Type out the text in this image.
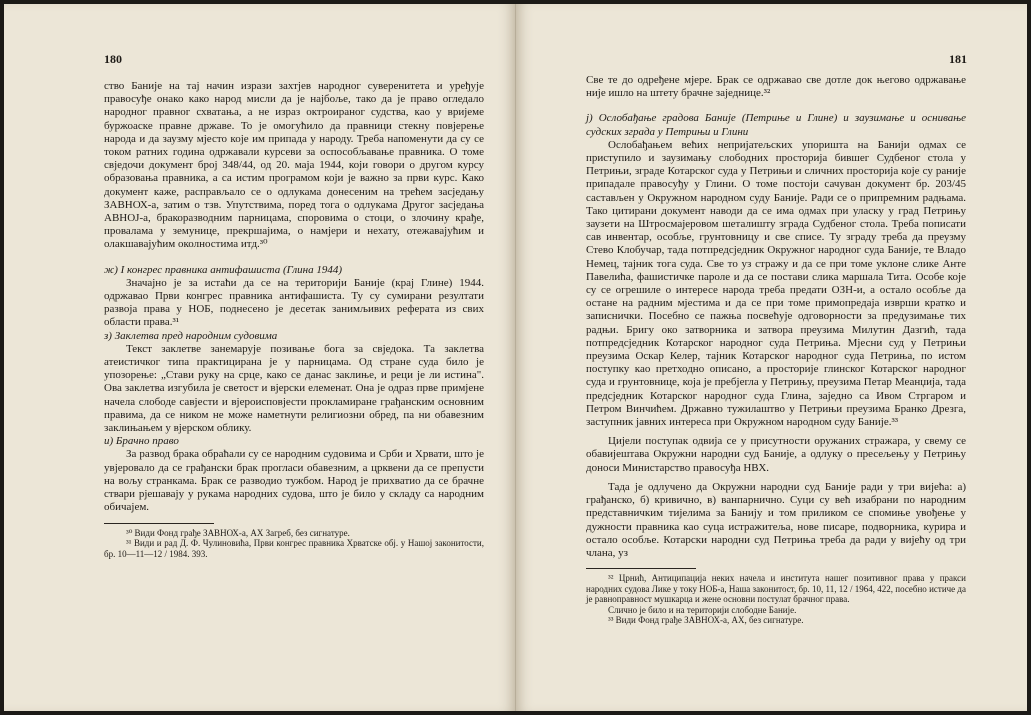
180

ство Баније на тај начин изрази захтјев народног суверенитета и уређује правосуђе онако како народ мисли да је најбоље, тако да је право огледало народног правног схватања, а не израз октроираног судства, као у вријеме буржоаске правне државе. То је омогућило да правници стекну повјерење народа и да заузму мјесто које им припада у народу. Треба напоменути да су се током ратних година одржавали курсеви за оспособљавање правника. О томе свједочи документ број 348/44, од 20. маја 1944, који говори о другом курсу образовања правника, а са истим програмом који је важно за први курс. Како документ каже, расправљало се о одлукама донесеним на трећем засједању ЗАВНОХ-а, затим о тзв. Упутствима, поред тога о одлукама Другог засједања АВНОЈ-а, бракоразводним парницама, споровима о стоци, о злочину крађе, провалама у земунице, прекршајима, о намјери и нехату, отежавајућим и олакшавајућим околностима итд.³⁰

ж) I конгрес правника антифашиста (Глина 1944)

Значајно је за истаћи да се на територији Баније (крај Глине) 1944. одржавао Први конгрес правника антифашиста. Ту су сумирани резултати развоја права у НОБ, поднесено је десетак занимљивих реферата из свих области права.³¹

з) Заклетва пред народним судовима

Текст заклетве занемарује позивање бога за свједока. Та заклетва атеистичког типа практицирана је у парницама. Од стране суда било је упозорење: „Стави руку на срце, како се данас заклиње, и реци је ли истина". Ова заклетва изгубила је светост и вјерски елеменат. Она је одраз прве примјене начела слободе савјести и вјероисповјести прокламиране грађанским основним правима, да се ником не може наметнути религиозни обред, па ни обавезним заклињањем у вјерском облику.

и) Брачно право

За развод брака обраћали су се народним судовима и Срби и Хрвати, што је увјеровало да се грађански брак проглаcи обавезним, а црквени да се препусти на вољу странкама. Брак се разводио тужбом. Народ је прихватио да се брачне ствари рјешавају у рукама народних судова, што је било у складу са народним обичајем.

³⁰ Види Фонд грађе ЗАВНОХ-а, АХ Загреб, без сигнатуре.

³¹ Види и рад Д. Ф. Чулиновића, Први конгрес правника Хрватске обј. у Нашој законитости, бр. 10—11—12 / 1984. 393.

181

Све те до одређене мјере. Брак се одржавао све дотле док његово одржавање није ишло на штету брачне заједнице.³²

ј) Ослобађање градова Баније (Петриње и Глине) и заузимање и оснивање судских зграда у Петрињи и Глини

Ослобађањем већих непријатељских упоришта на Банији одмах се приступило и заузимању слободних просторија бившег Судбеног стола у Петрињи, зграде Котарског суда у Петрињи и сличних просторија које су раније припадале правосуђу у Глини. О томе постоји сачуван документ бр. 203/45 састављен у Окружном народном суду Баније. Ради се о припремним радњама. Тако цитирани документ наводи да се има одмах при уласку у град Петрињу заузети на Штросмајеровом шеталишту зграда Судбеног стола. Треба пописати сав инвентар, особље, грунтовницу и све списе. Ту зграду треба да преузму Стево Клобучар, тада потпредсједник Окружног народног суда Баније, те Владо Немец, тајник тога суда. Све то уз стражу и да се при томе уклоне слике Анте Павелића, фашистичке пароле и да се постави слика маршала Тита. Особе које су се огрешиле о интересе народа треба предати ОЗН-и, а остало особље да остане на радним мјестима и да се при томе примопредаја изврши кратко и записнички. Посебно се пажња посвећује одговорности за предузимање тих радњи. Бригу око затворника и затвора преузима Милутин Дазгић, тада потпредсједник Котарског народног суда Петриња. Мјесни суд у Петрињи преузима Оскар Келер, тајник Котарског народног суда Петриња, по истом поступку као претходно описано, а просторије глинског Котарског народног суда и грунтовнице, која је пребјегла у Петрињу, преузима Петар Меанџија, тада предсједник Котарског народног суда Глина, заједно са Ивом Стргаром и Петром Винчићем. Државно тужилаштво у Петрињи преузима Бранко Дрезга, заступник јавних интереса при Окружном народном суду Баније.³³

Цијели поступак одвија се у присутности оружаних стражара, у свему се обавијештава Окружни народни суд Баније, а одлуку о пресељењу у Петрињу доноси Министарство правосуђа НВХ.

Тада је одлучено да Окружни народни суд Баније ради у три вијећа: а) грађанско, б) кривично, в) ванпарнично. Суци су већ изабрани по народним представничким тијелима за Банију и том приликом се спомиње увођење у дужности правника као суца истражитеља, нове писаре, подворника, курира и остало особље. Котарски народни суд Петриња треба да ради у вијећу од три члана, уз

³² Црнић, Антиципација неких начела и института нашег позитивног права у пракси народних судова Лике у току НОБ-а, Наша законитост, бр. 10, 11, 12 / 1964, 422, посебно истиче да је равноправност мушкарца и жене основни постулат брачног права.

Слично је било и на територији слободне Баније.

³³ Види Фонд грађе ЗАВНОХ-а, АХ, без сигнатуре.
